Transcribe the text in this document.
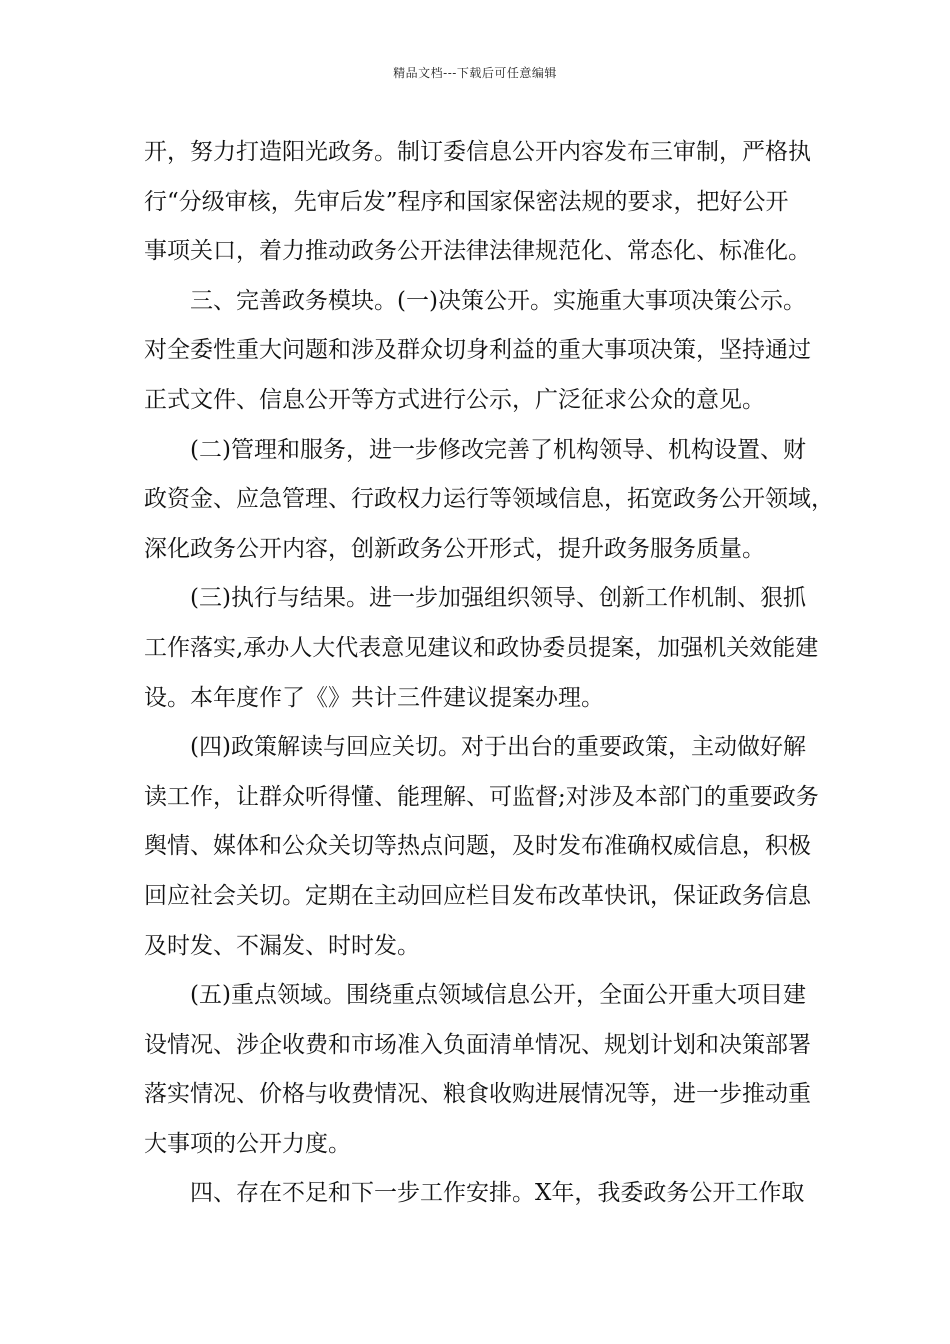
精品文档---下载后可任意编辑
开，努力打造阳光政务。制订委信息公开内容发布三审制，严格执
行“分级审核，先审后发”程序和国家保密法规的要求，把好公开
事项关口，着力推动政务公开法律法律规范化、常态化、标准化。
三、完善政务模块。(一)决策公开。实施重大事项决策公示。
对全委性重大问题和涉及群众切身利益的重大事项决策，坚持通过
正式文件、信息公开等方式进行公示，广泛征求公众的意见。
(二)管理和服务，进一步修改完善了机构领导、机构设置、财
政资金、应急管理、行政权力运行等领域信息，拓宽政务公开领域，
深化政务公开内容，创新政务公开形式，提升政务服务质量。
(三)执行与结果。进一步加强组织领导、创新工作机制、狠抓
工作落实,承办人大代表意见建议和政协委员提案，加强机关效能建
设。本年度作了《》共计三件建议提案办理。
(四)政策解读与回应关切。对于出台的重要政策，主动做好解
读工作，让群众听得懂、能理解、可监督;对涉及本部门的重要政务
舆情、媒体和公众关切等热点问题，及时发布准确权威信息，积极
回应社会关切。定期在主动回应栏目发布改革快讯，保证政务信息
及时发、不漏发、时时发。
(五)重点领域。围绕重点领域信息公开，全面公开重大项目建
设情况、涉企收费和市场准入负面清单情况、规划计划和决策部署
落实情况、价格与收费情况、粮食收购进展情况等，进一步推动重
大事项的公开力度。
四、存在不足和下一步工作安排。X年，我委政务公开工作取
